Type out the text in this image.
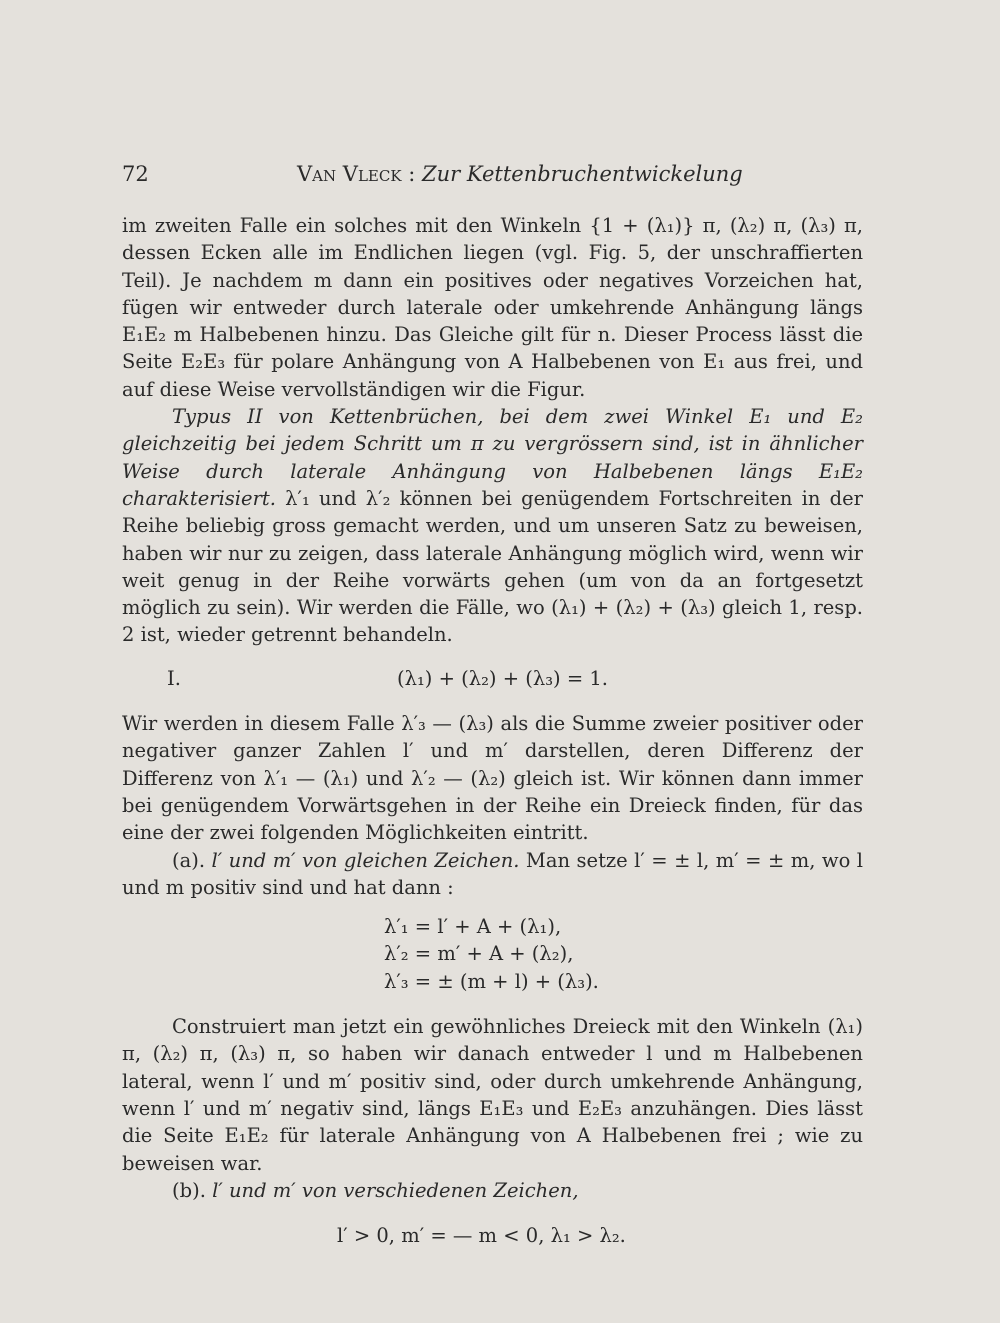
72	Van Vleck : Zur Kettenbruchentwickelung

im zweiten Falle ein solches mit den Winkeln {1 + (λ₁)} π, (λ₂) π, (λ₃) π, dessen Ecken alle im Endlichen liegen (vgl. Fig. 5, der unschraffierten Teil). Je nachdem m dann ein positives oder negatives Vorzeichen hat, fügen wir entweder durch laterale oder umkehrende Anhängung längs E₁E₂ m Halbebenen hinzu. Das Gleiche gilt für n. Dieser Process lässt die Seite E₂E₃ für polare Anhängung von A Halbebenen von E₁ aus frei, und auf diese Weise vervollständigen wir die Figur.

Typus II von Kettenbrüchen, bei dem zwei Winkel E₁ und E₂ gleichzeitig bei jedem Schritt um π zu vergrössern sind, ist in ähnlicher Weise durch laterale Anhängung von Halbebenen längs E₁E₂ charakterisiert. λ′₁ und λ′₂ können bei genügendem Fortschreiten in der Reihe beliebig gross gemacht werden, und um unseren Satz zu beweisen, haben wir nur zu zeigen, dass laterale Anhängung möglich wird, wenn wir weit genug in der Reihe vorwärts gehen (um von da an fortgesetzt möglich zu sein). Wir werden die Fälle, wo (λ₁) + (λ₂) + (λ₃) gleich 1, resp. 2 ist, wieder getrennt behandeln.

I.	(λ₁) + (λ₂) + (λ₃) = 1.

Wir werden in diesem Falle λ′₃ — (λ₃) als die Summe zweier positiver oder negativer ganzer Zahlen l′ und m′ darstellen, deren Differenz der Differenz von λ′₁ — (λ₁) und λ′₂ — (λ₂) gleich ist. Wir können dann immer bei genügendem Vorwärtsgehen in der Reihe ein Dreieck finden, für das eine der zwei folgenden Möglichkeiten eintritt.

(a). l′ und m′ von gleichen Zeichen. Man setze l′ = ± l, m′ = ± m, wo l und m positiv sind und hat dann :

λ′₁ = l′ + A + (λ₁),
λ′₂ = m′ + A + (λ₂),
λ′₃ = ± (m + l) + (λ₃).

Construiert man jetzt ein gewöhnliches Dreieck mit den Winkeln (λ₁) π, (λ₂) π, (λ₃) π, so haben wir danach entweder l und m Halbebenen lateral, wenn l′ und m′ positiv sind, oder durch umkehrende Anhängung, wenn l′ und m′ negativ sind, längs E₁E₃ und E₂E₃ anzuhängen. Dies lässt die Seite E₁E₂ für laterale Anhängung von A Halbebenen frei ; wie zu beweisen war.

(b). l′ und m′ von verschiedenen Zeichen,

l′ > 0, m′ = — m < 0, λ₁ > λ₂.
